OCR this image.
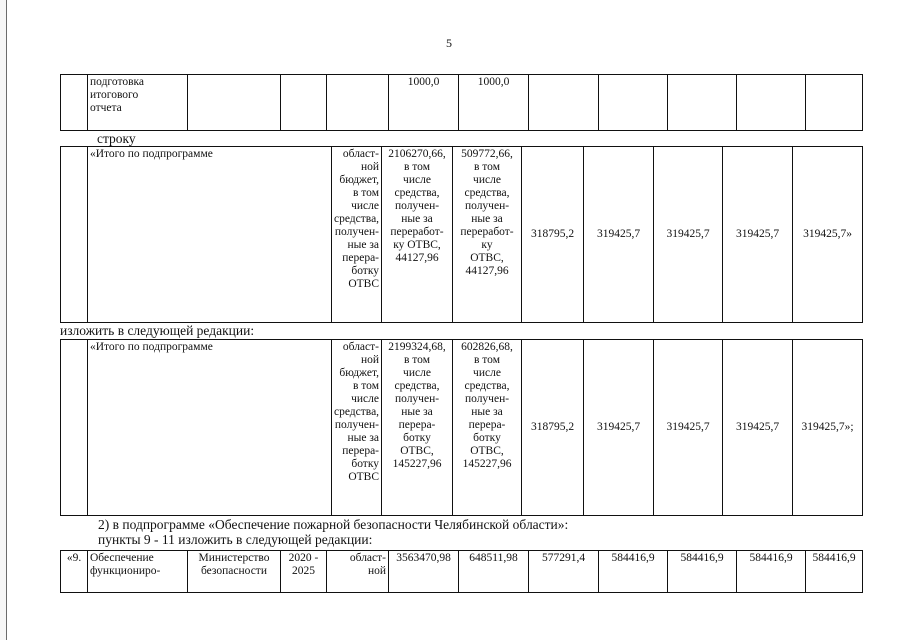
5
	подготовка
итогового
отчета				1000,0	1000,0					
строку
	«Итого по подпрограмме	област-
ной
бюджет,
в том
числе
средства,
получен-
ные за
перера-
ботку
ОТВС	2106270,66,
в том
числе
средства,
получен-
ные за
переработ-
ку ОТВС,
44127,96	509772,66,
в том
числе
средства,
получен-
ные за
переработ-
ку
ОТВС,
44127,96	318795,2	319425,7	319425,7	319425,7	319425,7»
изложить в следующей редакции:
	«Итого по подпрограмме	област-
ной
бюджет,
в том
числе
средства,
получен-
ные за
перера-
ботку
ОТВС	2199324,68,
в том
числе
средства,
получен-
ные за
перера-
ботку
ОТВС,
145227,96	602826,68,
в том
числе
средства,
получен-
ные за
перера-
ботку
ОТВС,
145227,96	318795,2	319425,7	319425,7	319425,7	319425,7»;
2) в подпрограмме «Обеспечение пожарной безопасности Челябинской области»:
пункты 9 - 11 изложить в следующей редакции:
«9.	Обеспечение
функциониро-	Министерство
безопасности	2020 -
2025	област-
ной	3563470,98	648511,98	577291,4	584416,9	584416,9	584416,9	584416,9
